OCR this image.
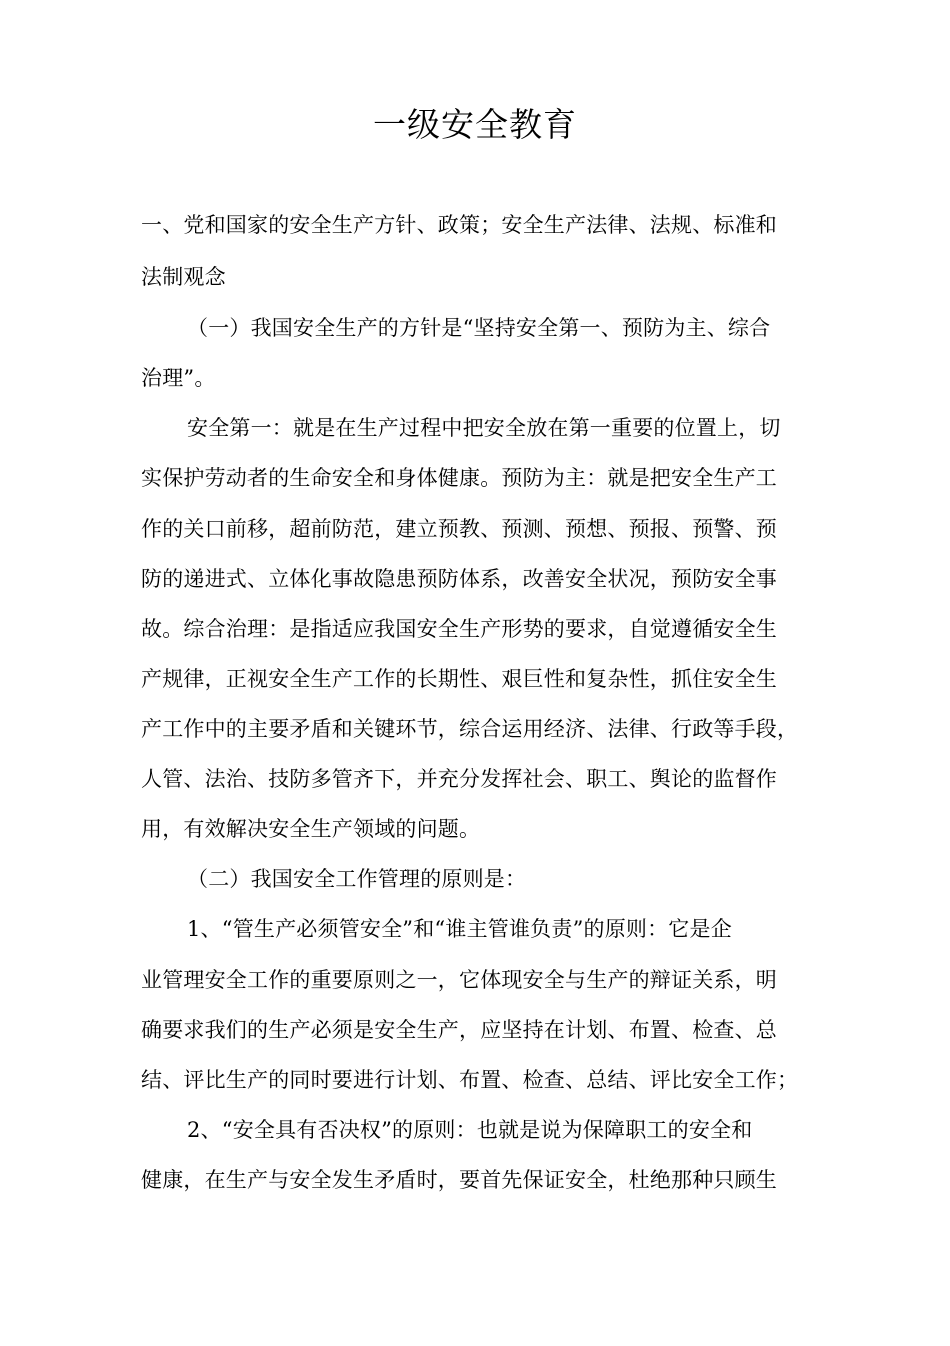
一级安全教育
一、党和国家的安全生产方针、政策；安全生产法律、法规、标准和
法制观念
（一）我国安全生产的方针是“坚持安全第一、预防为主、综合
治理”。
安全第一：就是在生产过程中把安全放在第一重要的位置上，切
实保护劳动者的生命安全和身体健康。预防为主：就是把安全生产工
作的关口前移，超前防范，建立预教、预测、预想、预报、预警、预
防的递进式、立体化事故隐患预防体系，改善安全状况，预防安全事
故。综合治理：是指适应我国安全生产形势的要求，自觉遵循安全生
产规律，正视安全生产工作的长期性、艰巨性和复杂性，抓住安全生
产工作中的主要矛盾和关键环节，综合运用经济、法律、行政等手段，
人管、法治、技防多管齐下，并充分发挥社会、职工、舆论的监督作
用，有效解决安全生产领域的问题。
（二）我国安全工作管理的原则是：
1、“管生产必须管安全”和“谁主管谁负责”的原则：它是企
业管理安全工作的重要原则之一，它体现安全与生产的辩证关系，明
确要求我们的生产必须是安全生产，应坚持在计划、布置、检查、总
结、评比生产的同时要进行计划、布置、检查、总结、评比安全工作；
2、“安全具有否决权”的原则：也就是说为保障职工的安全和
健康，在生产与安全发生矛盾时，要首先保证安全，杜绝那种只顾生
